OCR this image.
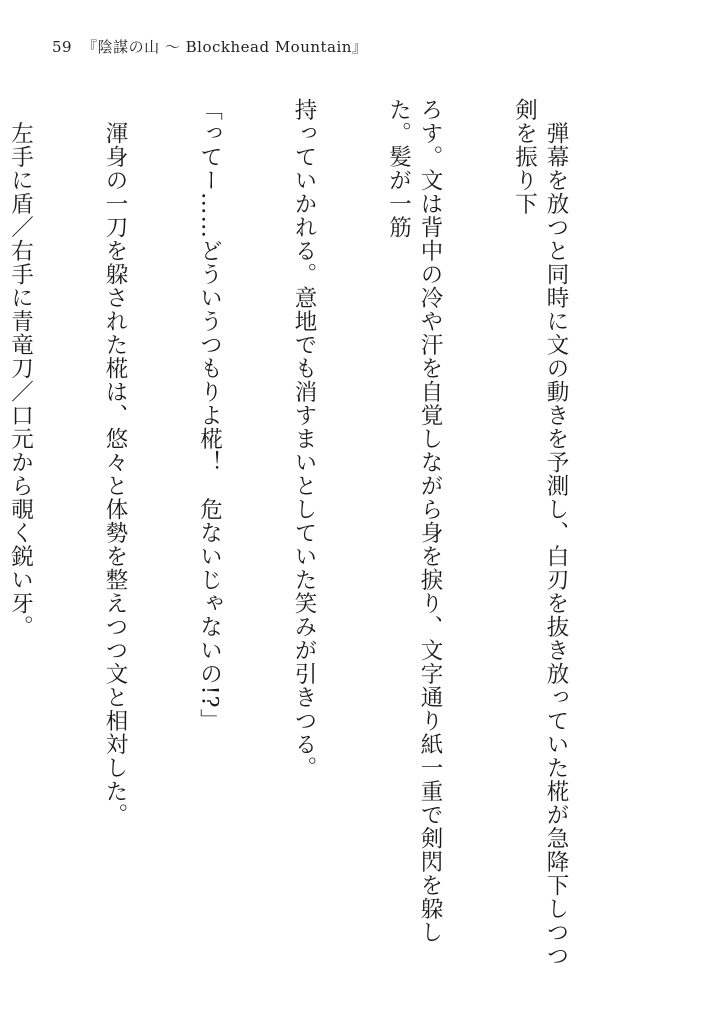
59 『陰謀の山 〜 Blockhead Mountain』

　弾幕を放つと同時に文の動きを予測し、白刃を抜き放っていた椛が急降下しつつ剣を振り下

ろす。文は背中の冷や汗を自覚しながら身を捩り、文字通り紙一重で剣閃を躱した。髪が一筋

持っていかれる。意地でも消すまいとしていた笑みが引きつる。

「ってー……どういうつもりよ椛！　危ないじゃないの!?」

　渾身の一刀を躱された椛は、悠々と体勢を整えつつ文と相対した。

　左手に盾／右手に青竜刀／口元から覗く鋭い牙。
